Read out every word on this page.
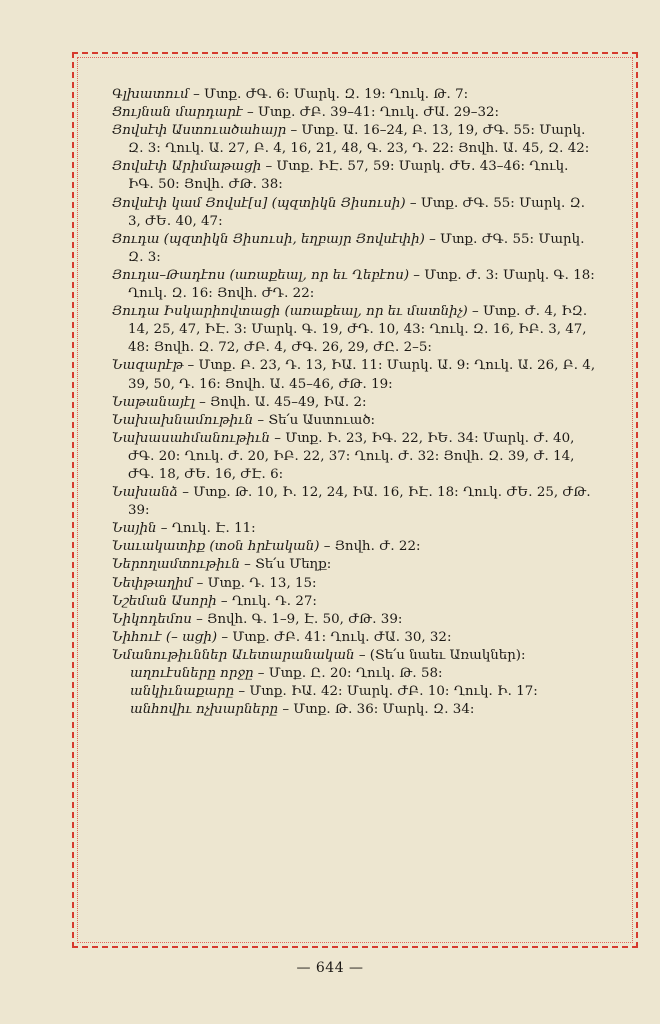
Գլխատում – Մտք․ ԺԳ․ 6։ Մարկ․ Զ․ 19։ Ղուկ․ Թ․ 7։

Ցույնան մարդարէ – Մտք․ ԺԲ․ 39–41։ Ղուկ․ ԺԱ․ 29–32։

Յովսէփ Աստուածահայր – Մտք․ Ա․ 16–24, Բ․ 13, 19, ԺԳ․ 55։ Մարկ․ Զ․ 3։ Ղուկ․ Ա․ 27, Բ․ 4, 16, 21, 48, Գ․ 23, Դ․ 22։ Յովհ․ Ա․ 45, Զ․ 42։

Յովսէփ Արիմաթացի – Մտք․ ԻԷ․ 57, 59։ Մարկ․ ԺԵ․ 43–46։ Ղուկ․ ԻԳ․ 50։ Յովհ․ ԺԹ․ 38։

Յովսէփ կամ Յովսէ[ս] (պզտիկն Յիսուսի) – Մտք․ ԺԳ․ 55։ Մարկ․ Զ․ 3, ԺԵ․ 40, 47։

Յուդա (պզտիկն Յիսուսի, եղբայր Յովսէփի) – Մտք․ ԺԳ․ 55։ Մարկ․ Զ․ 3։

Յուդա–Թադէոս (առաքեալ, որ եւ Ղեբէոս) – Մտք․ Ժ․ 3։ Մարկ․ Գ․ 18։ Ղուկ․ Զ․ 16։ Յովհ․ ԺԴ․ 22։

Յուդա Իսկարիովտացի (առաքեալ, որ եւ մատնիչ) – Մտք․ Ժ․ 4, ԻԶ․ 14, 25, 47, ԻԷ․ 3։ Մարկ․ Գ․ 19, ԺԴ․ 10, 43։ Ղուկ․ Զ․ 16, ԻԲ․ 3, 47, 48։ Յովհ․ Զ․ 72, ԺԲ․ 4, ԺԳ․ 26, 29, ԺԸ․ 2–5։

Նազարէթ – Մտք․ Բ․ 23, Դ․ 13, ԻԱ․ 11։ Մարկ․ Ա․ 9։ Ղուկ․ Ա․ 26, Բ․ 4, 39, 50, Դ․ 16։ Յովհ․ Ա․ 45–46, ԺԹ․ 19։

Նաթանայէլ – Յովհ․ Ա․ 45–49, ԻԱ․ 2։

Նախախնամութիւն – Տե՛ս Աստուած։

Նախասահմանութիւն – Մտք․ Ի․ 23, ԻԳ․ 22, ԻԵ․ 34։ Մարկ․ Ժ․ 40, ԺԳ․ 20։ Ղուկ․ Ժ․ 20, ԻԲ․ 22, 37։ Ղուկ․ Ժ․ 32։ Յովհ․ Զ․ 39, Ժ․ 14, ԺԳ․ 18, ԺԵ․ 16, ԺԷ․ 6։

Նախանձ – Մտք․ Թ․ 10, Ի․ 12, 24, ԻԱ․ 16, ԻԷ․ 18։ Ղուկ․ ԺԵ․ 25, ԺԹ․ 39։

Նային – Ղուկ․ Է․ 11։

Նաւակատիք (տօն հրէական) – Յովհ․ Ժ․ 22։

Ներողամտութիւն – Տե՛ս Մեղք։

Նեփթաղիմ – Մտք․ Դ․ 13, 15։

Նշեման Ասորի – Ղուկ․ Դ․ 27։

Նիկոդեմոս – Յովհ․ Գ․ 1–9, Է․ 50, ԺԹ․ 39։

Նիհուէ (– ացի) – Մտք․ ԺԲ․ 41։ Ղուկ․ ԺԱ․ 30, 32։

Նմանութիւններ Աւետարանական – (Տե՛ս նաեւ Առակներ)։

աղուէսները որջը – Մտք․ Ը․ 20։ Ղուկ․ Թ․ 58։

անկիւնաքարը – Մտք․ ԻԱ․ 42։ Մարկ․ ԺԲ․ 10։ Ղուկ․ Ի․ 17։

անհովիւ ոչխարները – Մտք․ Թ․ 36։ Մարկ․ Զ․ 34։

— 644 —
